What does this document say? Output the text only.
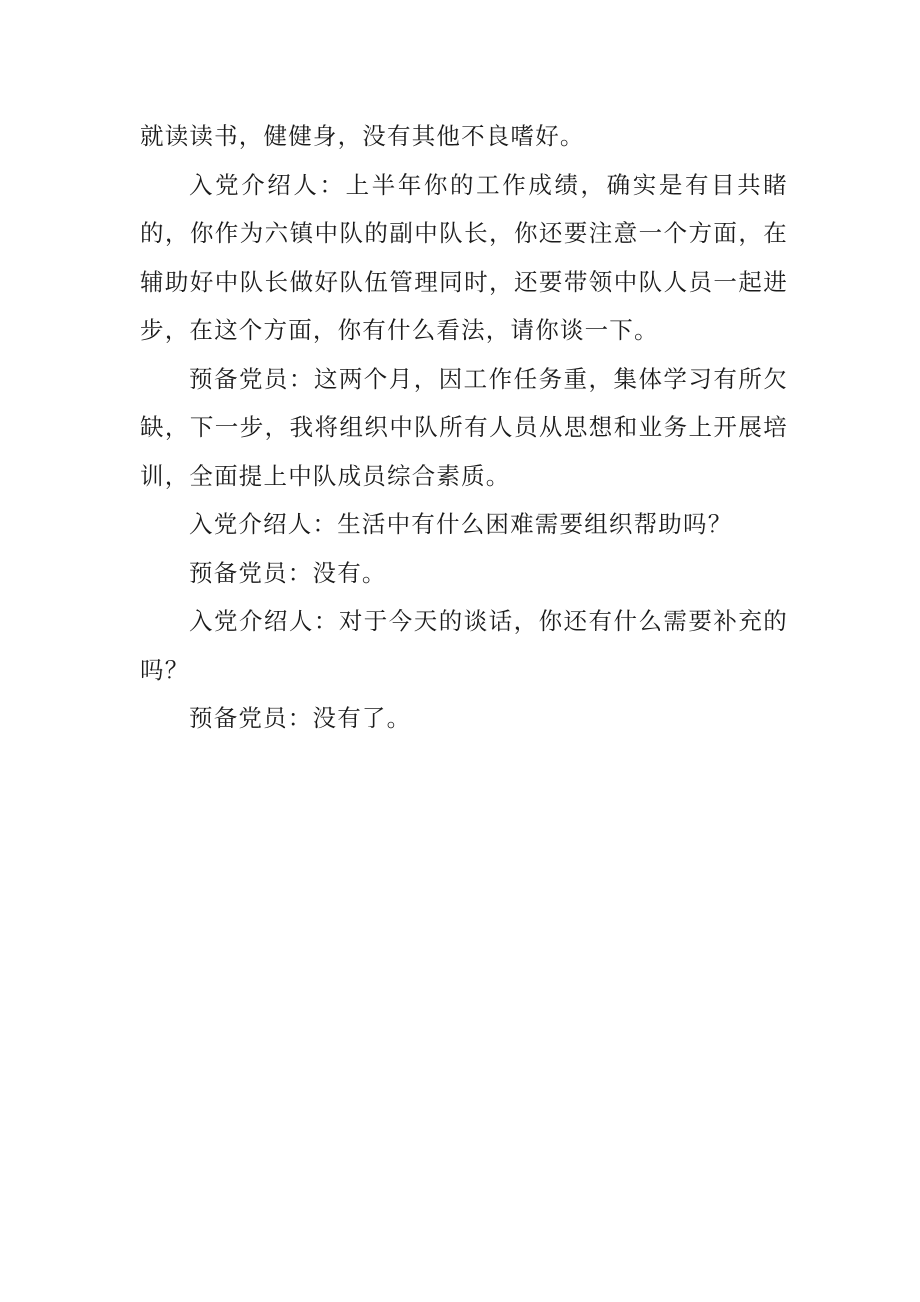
就读读书，健健身，没有其他不良嗜好。

入党介绍人：上半年你的工作成绩，确实是有目共睹的，你作为六镇中队的副中队长，你还要注意一个方面，在辅助好中队长做好队伍管理同时，还要带领中队人员一起进步，在这个方面，你有什么看法，请你谈一下。

预备党员：这两个月，因工作任务重，集体学习有所欠缺，下一步，我将组织中队所有人员从思想和业务上开展培训，全面提上中队成员综合素质。

入党介绍人：生活中有什么困难需要组织帮助吗？

预备党员：没有。

入党介绍人：对于今天的谈话，你还有什么需要补充的吗？

预备党员：没有了。
